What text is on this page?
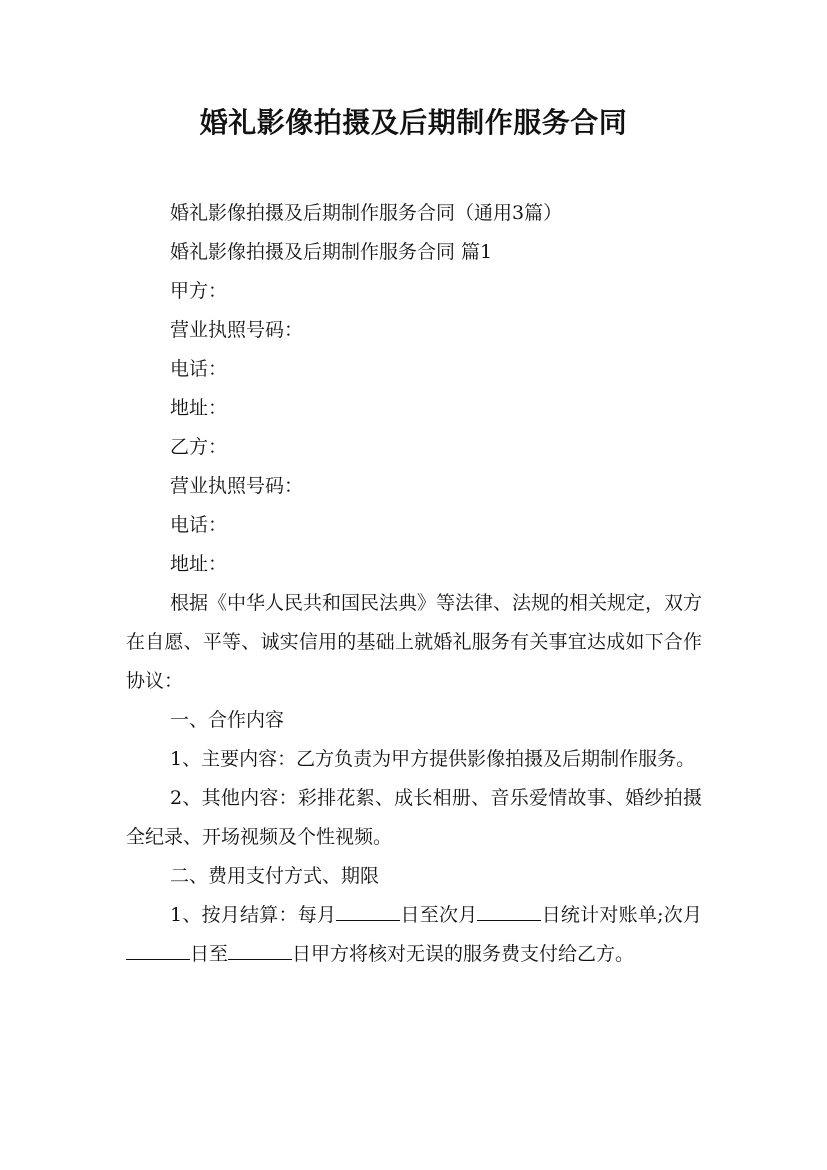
婚礼影像拍摄及后期制作服务合同

婚礼影像拍摄及后期制作服务合同（通用3篇）

婚礼影像拍摄及后期制作服务合同 篇1

甲方：

营业执照号码：

电话：

地址：

乙方：

营业执照号码：

电话：

地址：

根据《中华人民共和国民法典》等法律、法规的相关规定，双方在自愿、平等、诚实信用的基础上就婚礼服务有关事宜达成如下合作协议：

一、合作内容

1、主要内容：乙方负责为甲方提供影像拍摄及后期制作服务。

2、其他内容：彩排花絮、成长相册、音乐爱情故事、婚纱拍摄全纪录、开场视频及个性视频。

二、费用支付方式、期限

1、按月结算：每月	日至次月	日统计对账单;次月日至	日甲方将核对无误的服务费支付给乙方。
